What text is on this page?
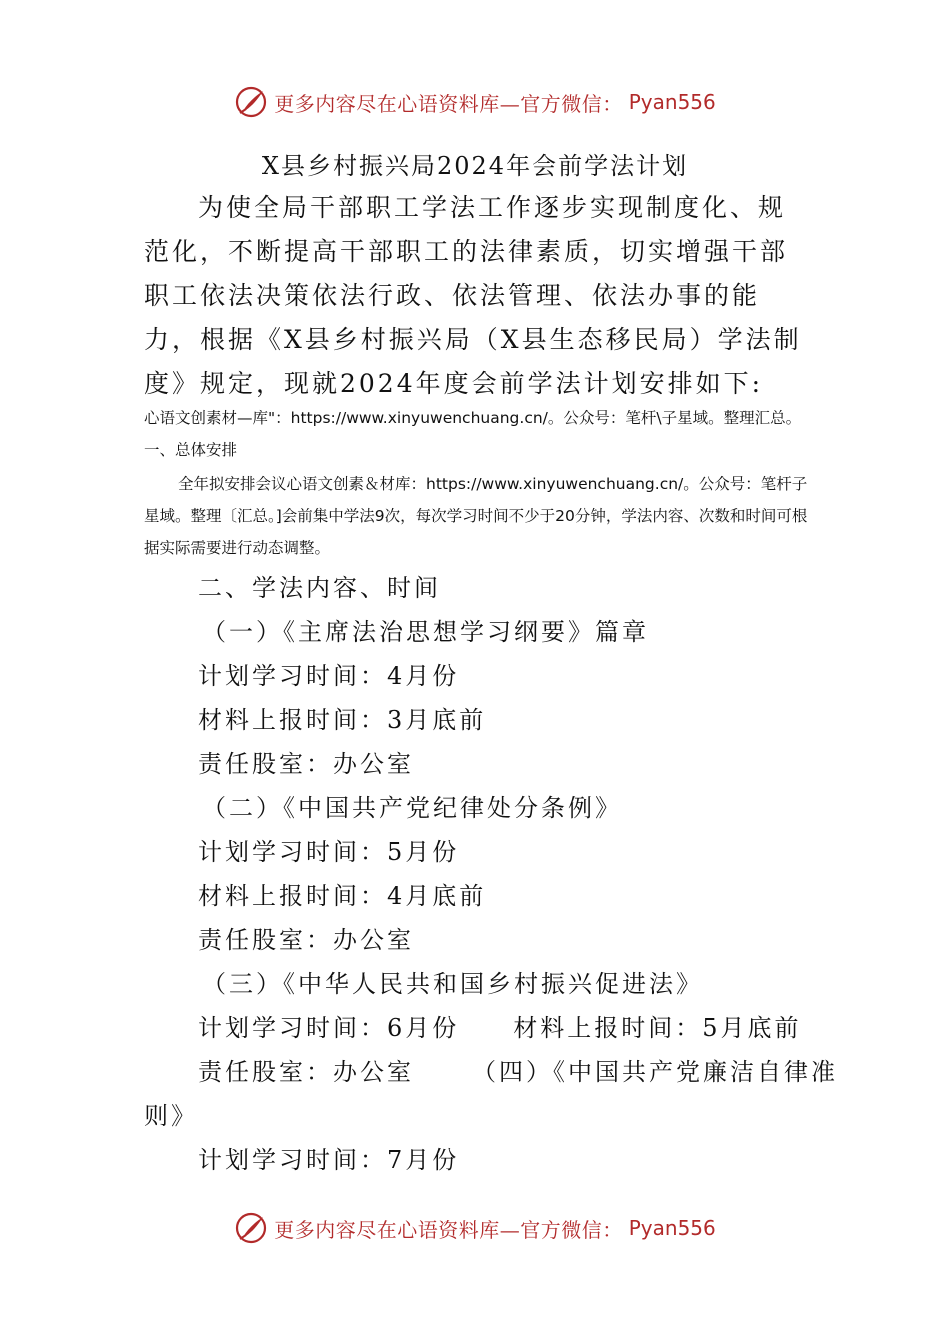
更多内容尽在心语资料库—官方微信： Pyan556
X县乡村振兴局2024年会前学法计划

为使全局干部职工学法工作逐步实现制度化、规范化，不断提高干部职工的法律素质，切实增强干部职工依法决策依法行政、依法管理、依法办事的能力，根据《X县乡村振兴局（X县生态移民局）学法制度》规定，现就2024年度会前学法计划安排如下:

心语文创素材—库"：https://www.xinyuwenchuang.cn/。公众号：笔杆\子星域。整理汇总。　　一、总体安排

全年拟安排会议心语文创素＆材库：https://www.xinyuwenchuang.cn/。公众号：笔杆子星域。整理〔汇总。]会前集中学法9次，每次学习时间不少于20分钟，学法内容、次数和时间可根据实际需要进行动态调整。

二、学法内容、时间

（一）《主席法治思想学习纲要》篇章

计划学习时间：4月份

材料上报时间：3月底前

责任股室：办公室

（二）《中国共产党纪律处分条例》

计划学习时间：5月份

材料上报时间：4月底前

责任股室：办公室

（三）《中华人民共和国乡村振兴促进法》

计划学习时间：6月份 材料上报时间：5月底前

责任股室：办公室 （四）《中国共产党廉洁自律准

则》

计划学习时间：7月份

更多内容尽在心语资料库—官方微信： Pyan556
